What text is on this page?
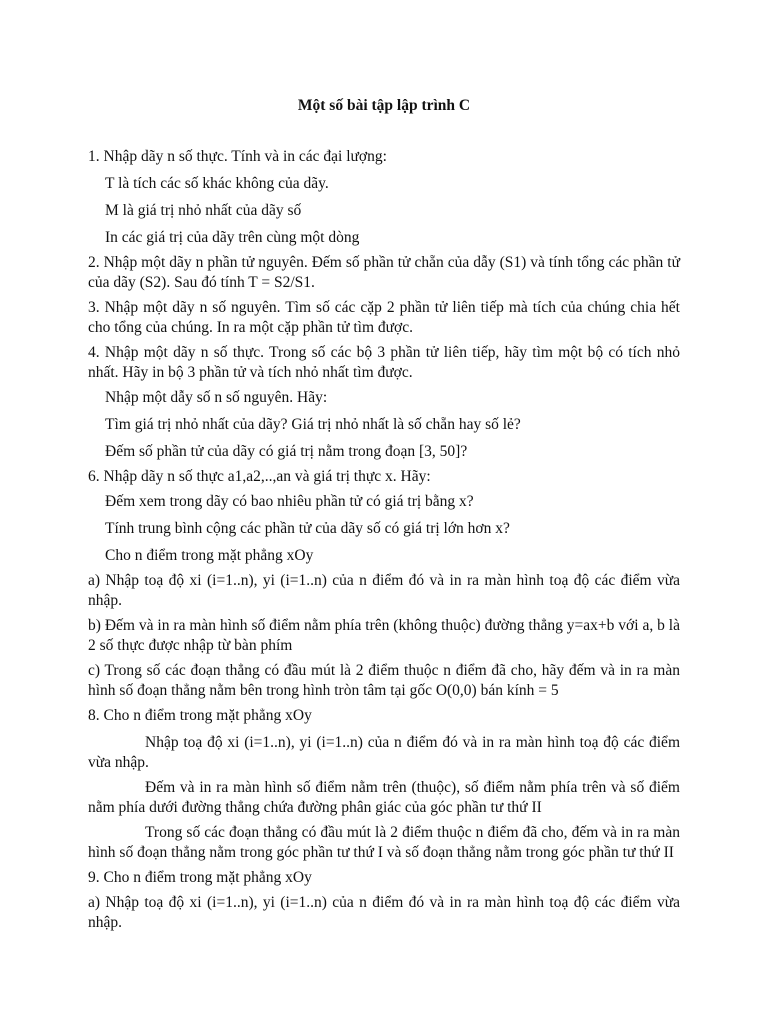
Một số bài tập lập trình C

1. Nhập dãy n số thực. Tính và in các đại lượng:

T là tích các số khác không của dãy.

M là giá trị nhỏ nhất của dãy số

In các giá trị của dãy trên cùng một dòng

2. Nhập một dãy n phần tử nguyên. Đếm số phần tử chẵn của dẫy (S1) và tính tổng các phần tử của dãy (S2). Sau đó tính T = S2/S1.

3. Nhập một dãy n số nguyên. Tìm số các cặp 2 phần tử liên tiếp mà tích của chúng chia hết cho tổng của chúng. In ra một cặp phần tử tìm được.

4. Nhập một dãy n số thực. Trong số các bộ 3 phần tử liên tiếp, hãy tìm một bộ có tích nhỏ nhất. Hãy in bộ 3 phần tử và tích nhỏ nhất tìm được.

Nhập một dẫy số n số nguyên. Hãy:

Tìm giá trị nhỏ nhất của dãy? Giá trị nhỏ nhất là số chẵn hay số lẻ?

Đếm số phần tử của dãy có giá trị nằm trong đoạn [3, 50]?

6. Nhập dãy n số thực a1,a2,..,an và giá trị thực x. Hãy:

Đếm xem trong dãy có bao nhiêu phần tử có giá trị bằng x?

Tính trung bình cộng các phần tử của dãy số có giá trị lớn hơn x?

Cho n điểm trong mặt phẳng xOy

a) Nhập toạ độ xi (i=1..n), yi (i=1..n) của n điểm đó và in ra màn hình toạ độ các điểm vừa nhập.

b) Đếm và in ra màn hình số điểm nằm phía trên (không thuộc) đường thẳng y=ax+b với a, b là 2 số thực được nhập từ bàn phím

c) Trong số các đoạn thẳng có đầu mút là 2 điểm thuộc n điểm đã cho, hãy đếm và in ra màn hình số đoạn thẳng nằm bên trong hình tròn tâm tại gốc O(0,0) bán kính = 5

8. Cho n điểm trong mặt phẳng xOy

Nhập toạ độ xi (i=1..n), yi (i=1..n) của n điểm đó và in ra màn hình toạ độ các điểm vừa nhập.

Đếm và in ra màn hình số điểm nằm trên (thuộc), số điểm nằm phía trên và số điểm nằm phía dưới đường thẳng chứa đường phân giác của góc phần tư thứ II

Trong số các đoạn thẳng có đầu mút là 2 điểm thuộc n điểm đã cho, đếm và in ra màn hình số đoạn thẳng nằm trong góc phần tư thứ I và số đoạn thẳng nằm trong góc phần tư thứ II

9. Cho n điểm trong mặt phẳng xOy

a) Nhập toạ độ xi (i=1..n), yi (i=1..n) của n điểm đó và in ra màn hình toạ độ các điểm vừa nhập.
